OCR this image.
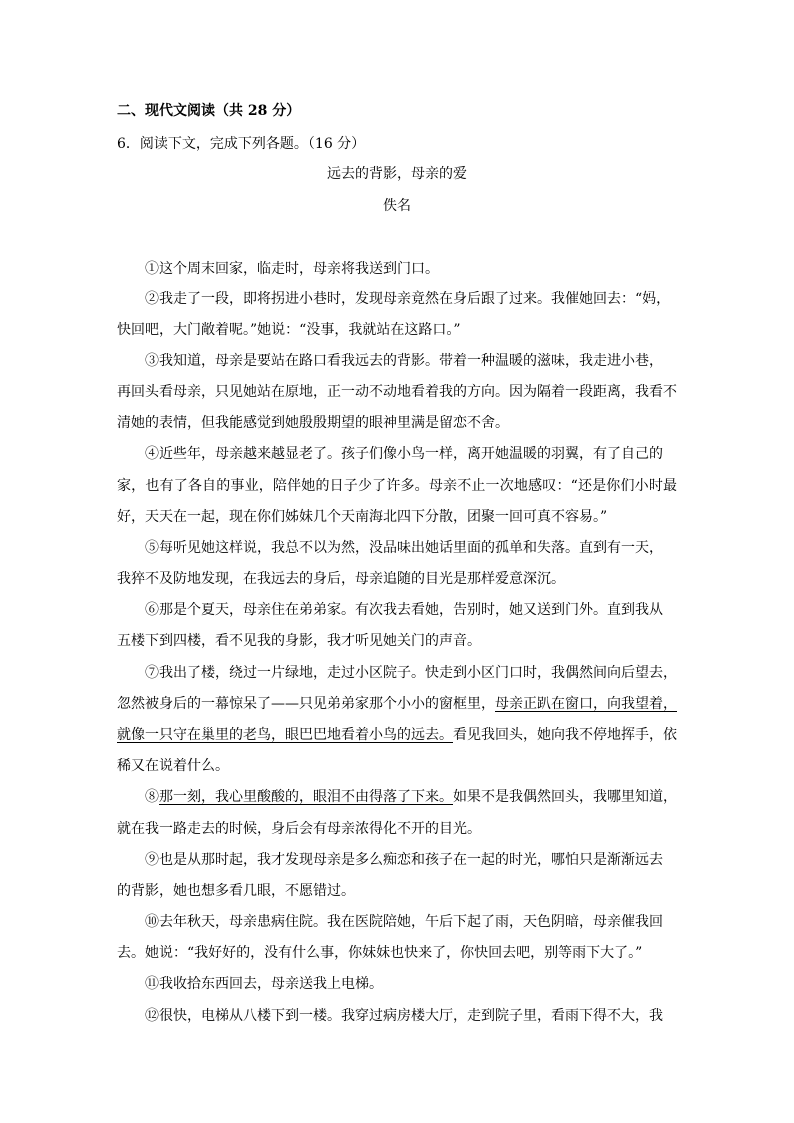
二、现代文阅读（共 28 分）
6．阅读下文，完成下列各题。（16 分）
远去的背影，母亲的爱
佚名
①这个周末回家，临走时，母亲将我送到门口。
②我走了一段，即将拐进小巷时，发现母亲竟然在身后跟了过来。我催她回去：“妈，
快回吧，大门敞着呢。”她说：“没事，我就站在这路口。”
③我知道，母亲是要站在路口看我远去的背影。带着一种温暖的滋味，我走进小巷，
再回头看母亲，只见她站在原地，正一动不动地看着我的方向。因为隔着一段距离，我看不
清她的表情，但我能感觉到她殷殷期望的眼神里满是留恋不舍。
④近些年，母亲越来越显老了。孩子们像小鸟一样，离开她温暖的羽翼，有了自己的
家，也有了各自的事业，陪伴她的日子少了许多。母亲不止一次地感叹：“还是你们小时最
好，天天在一起，现在你们姊妹几个天南海北四下分散，团聚一回可真不容易。”
⑤每听见她这样说，我总不以为然，没品味出她话里面的孤单和失落。直到有一天，
我猝不及防地发现，在我远去的身后，母亲追随的目光是那样爱意深沉。
⑥那是个夏天，母亲住在弟弟家。有次我去看她，告别时，她又送到门外。直到我从
五楼下到四楼，看不见我的身影，我才听见她关门的声音。
⑦我出了楼，绕过一片绿地，走过小区院子。快走到小区门口时，我偶然间向后望去，
忽然被身后的一幕惊呆了——只见弟弟家那个小小的窗框里，母亲正趴在窗口，向我望着，
就像一只守在巢里的老鸟，眼巴巴地看着小鸟的远去。看见我回头，她向我不停地挥手，依
稀又在说着什么。
⑧那一刻，我心里酸酸的，眼泪不由得落了下来。如果不是我偶然回头，我哪里知道，
就在我一路走去的时候，身后会有母亲浓得化不开的目光。
⑨也是从那时起，我才发现母亲是多么痴恋和孩子在一起的时光，哪怕只是渐渐远去
的背影，她也想多看几眼，不愿错过。
⑩去年秋天，母亲患病住院。我在医院陪她，午后下起了雨，天色阴暗，母亲催我回
去。她说：“我好好的，没有什么事，你妹妹也快来了，你快回去吧，别等雨下大了。”
⑪我收拾东西回去，母亲送我上电梯。
⑫很快，电梯从八楼下到一楼。我穿过病房楼大厅，走到院子里，看雨下得不大，我
